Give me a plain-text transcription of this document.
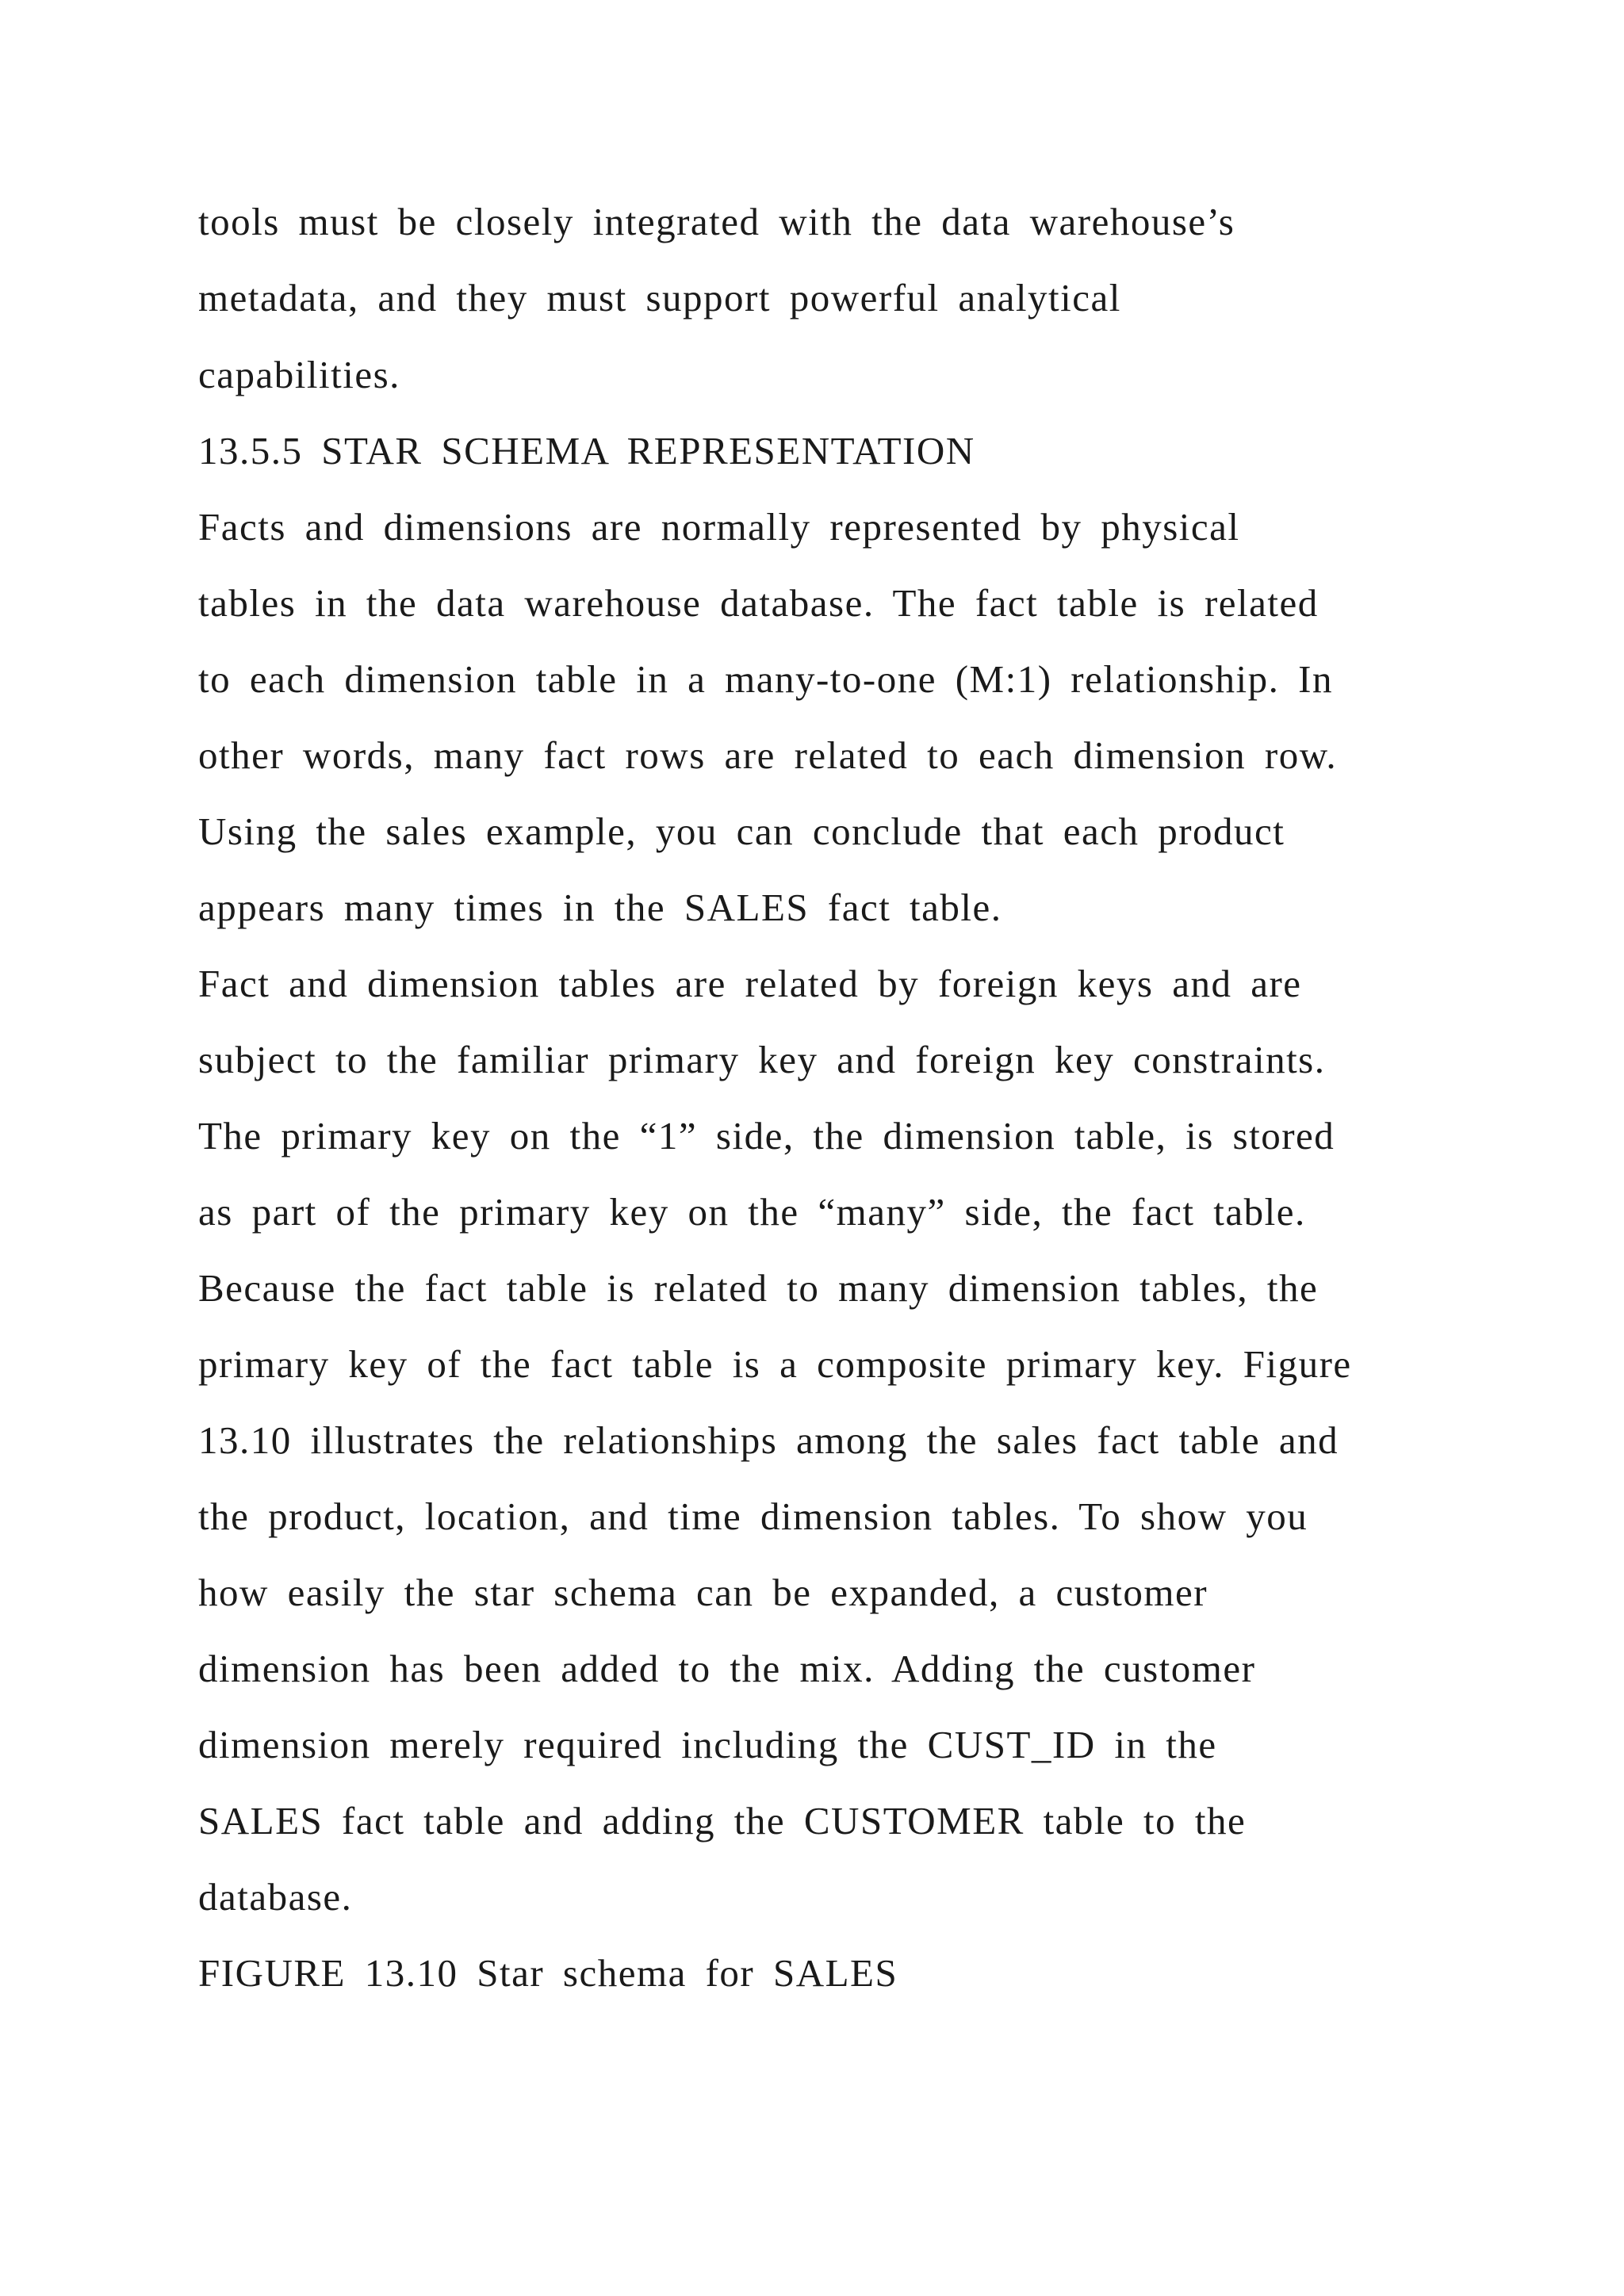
tools must be closely integrated with the data warehouse’s
metadata, and they must support powerful analytical
capabilities.
13.5.5 STAR SCHEMA REPRESENTATION
Facts and dimensions are normally represented by physical
tables in the data warehouse database. The fact table is related
to each dimension table in a many-to-one (M:1) relationship. In
other words, many fact rows are related to each dimension row.
Using the sales example, you can conclude that each product
appears many times in the SALES fact table.
Fact and dimension tables are related by foreign keys and are
subject to the familiar primary key and foreign key constraints.
The primary key on the “1” side, the dimension table, is stored
as part of the primary key on the “many” side, the fact table.
Because the fact table is related to many dimension tables, the
primary key of the fact table is a composite primary key. Figure
13.10 illustrates the relationships among the sales fact table and
the product, location, and time dimension tables. To show you
how easily the star schema can be expanded, a customer
dimension has been added to the mix. Adding the customer
dimension merely required including the CUST_ID in the
SALES fact table and adding the CUSTOMER table to the
database.
FIGURE 13.10 Star schema for SALES
